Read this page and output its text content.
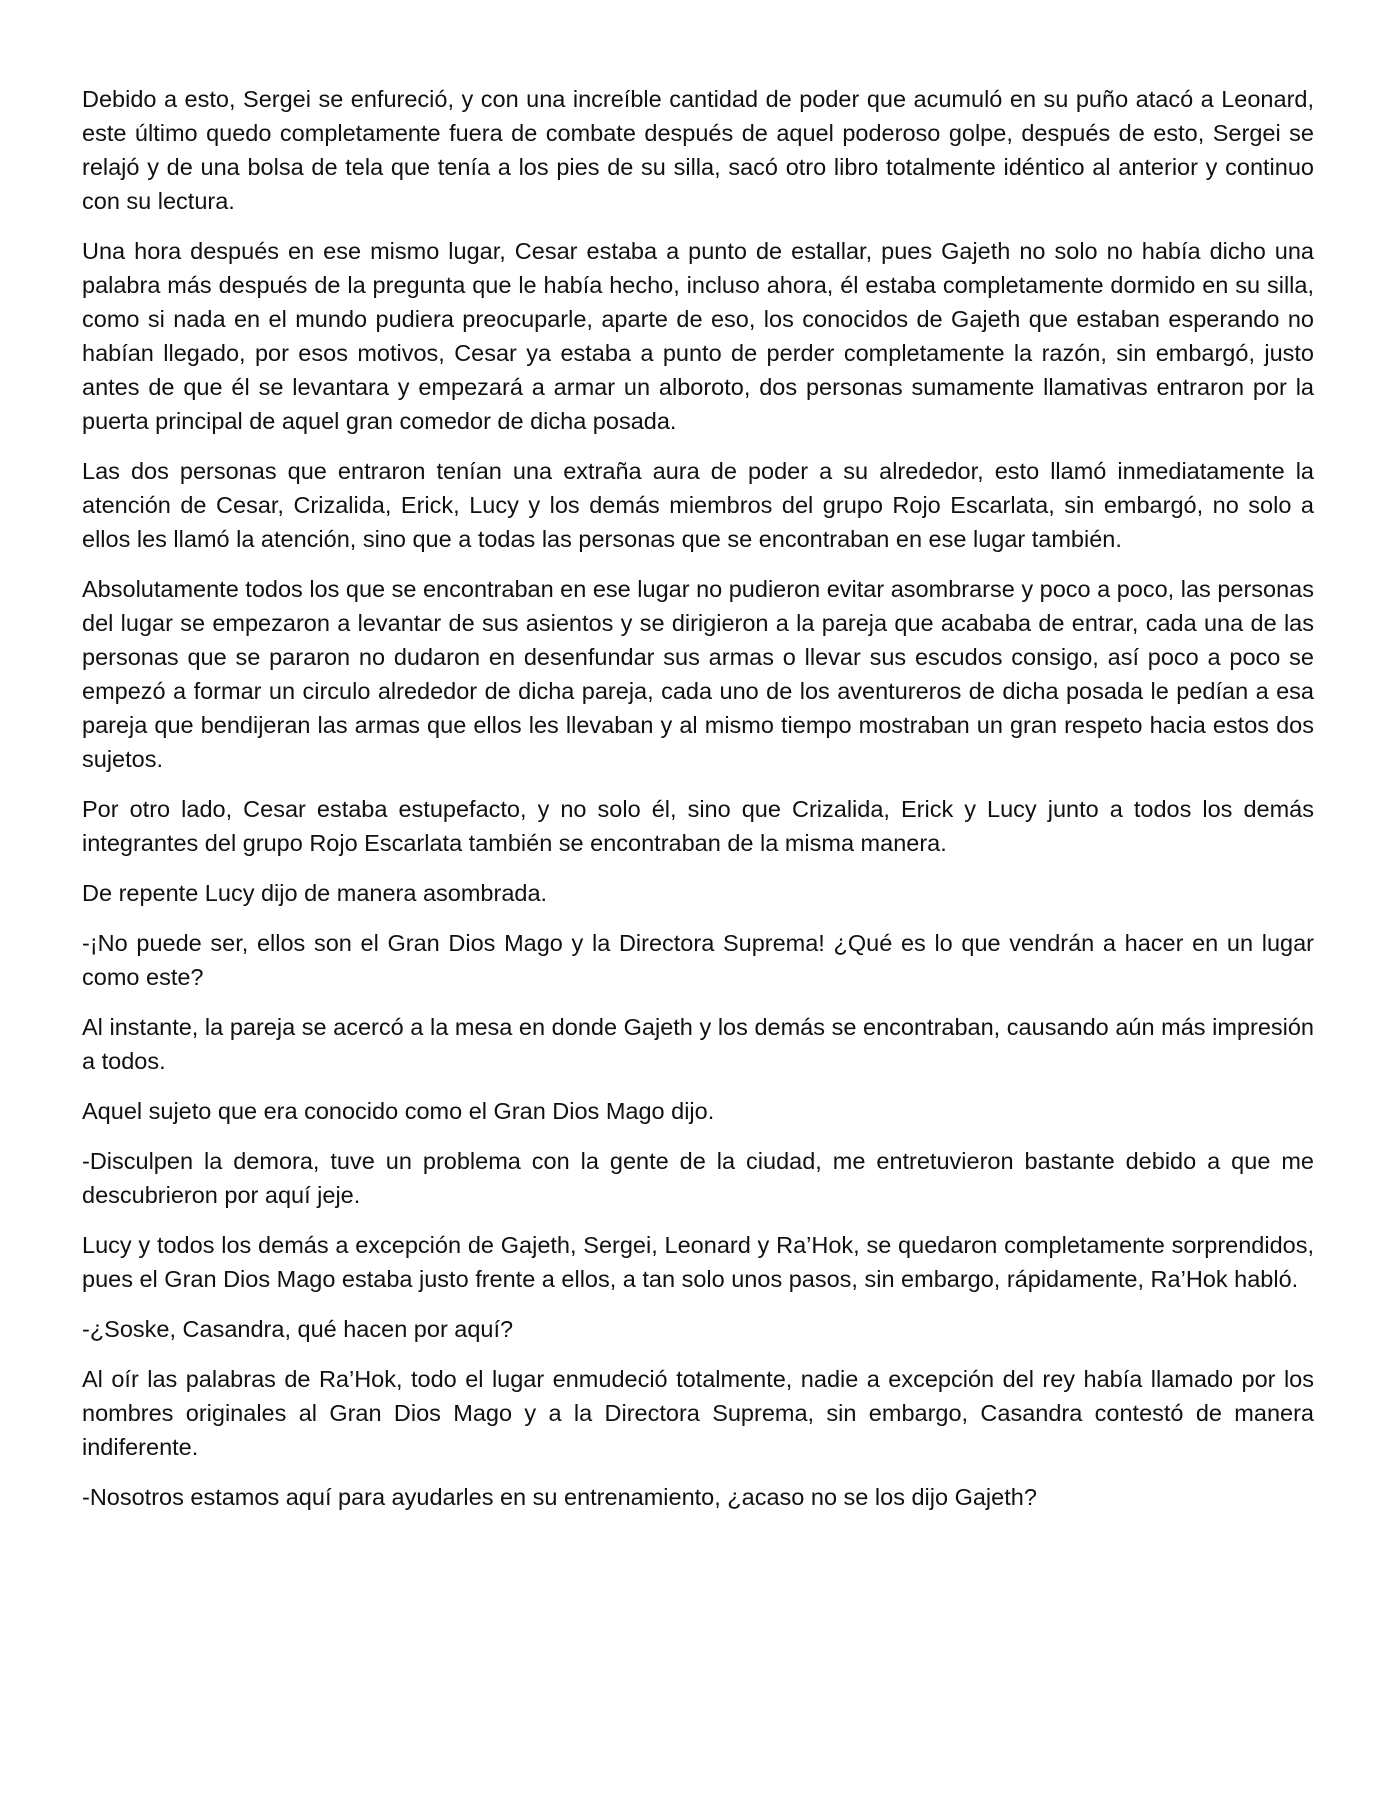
Debido a esto, Sergei se enfureció, y con una increíble cantidad de poder que acumuló en su puño atacó a Leonard, este último quedo completamente fuera de combate después de aquel poderoso golpe, después de esto, Sergei se relajó y de una bolsa de tela que tenía a los pies de su silla, sacó otro libro totalmente idéntico al anterior y continuo con su lectura.

Una hora después en ese mismo lugar, Cesar estaba a punto de estallar, pues Gajeth no solo no había dicho una palabra más después de la pregunta que le había hecho, incluso ahora, él estaba completamente dormido en su silla, como si nada en el mundo pudiera preocuparle, aparte de eso, los conocidos de Gajeth que estaban esperando no habían llegado, por esos motivos, Cesar ya estaba a punto de perder completamente la razón, sin embargó, justo antes de que él se levantara y empezará a armar un alboroto, dos personas sumamente llamativas entraron por la puerta principal de aquel gran comedor de dicha posada.

Las dos personas que entraron tenían una extraña aura de poder a su alrededor, esto llamó inmediatamente la atención de Cesar, Crizalida, Erick, Lucy y los demás miembros del grupo Rojo Escarlata, sin embargó, no solo a ellos les llamó la atención, sino que a todas las personas que se encontraban en ese lugar también.

Absolutamente todos los que se encontraban en ese lugar no pudieron evitar asombrarse y poco a poco, las personas del lugar se empezaron a levantar de sus asientos y se dirigieron a la pareja que acababa de entrar, cada una de las personas que se pararon no dudaron en desenfundar sus armas o llevar sus escudos consigo, así poco a poco se empezó a formar un circulo alrededor de dicha pareja, cada uno de los aventureros de dicha posada le pedían a esa pareja que bendijeran las armas que ellos les llevaban y al mismo tiempo mostraban un gran respeto hacia estos dos sujetos.

Por otro lado, Cesar estaba estupefacto, y no solo él, sino que Crizalida, Erick y Lucy junto a todos los demás integrantes del grupo Rojo Escarlata también se encontraban de la misma manera.

De repente Lucy dijo de manera asombrada.

-¡No puede ser, ellos son el Gran Dios Mago y la Directora Suprema! ¿Qué es lo que vendrán a hacer en un lugar como este?

Al instante, la pareja se acercó a la mesa en donde Gajeth y los demás se encontraban, causando aún más impresión a todos.

Aquel sujeto que era conocido como el Gran Dios Mago dijo.

-Disculpen la demora, tuve un problema con la gente de la ciudad, me entretuvieron bastante debido a que me descubrieron por aquí jeje.

Lucy y todos los demás a excepción de Gajeth, Sergei, Leonard y Ra’Hok, se quedaron completamente sorprendidos, pues el Gran Dios Mago estaba justo frente a ellos, a tan solo unos pasos, sin embargo, rápidamente, Ra’Hok habló.

-¿Soske, Casandra, qué hacen por aquí?

Al oír las palabras de Ra’Hok, todo el lugar enmudeció totalmente, nadie a excepción del rey había llamado por los nombres originales al Gran Dios Mago y a la Directora Suprema, sin embargo, Casandra contestó de manera indiferente.

-Nosotros estamos aquí para ayudarles en su entrenamiento, ¿acaso no se los dijo Gajeth?
